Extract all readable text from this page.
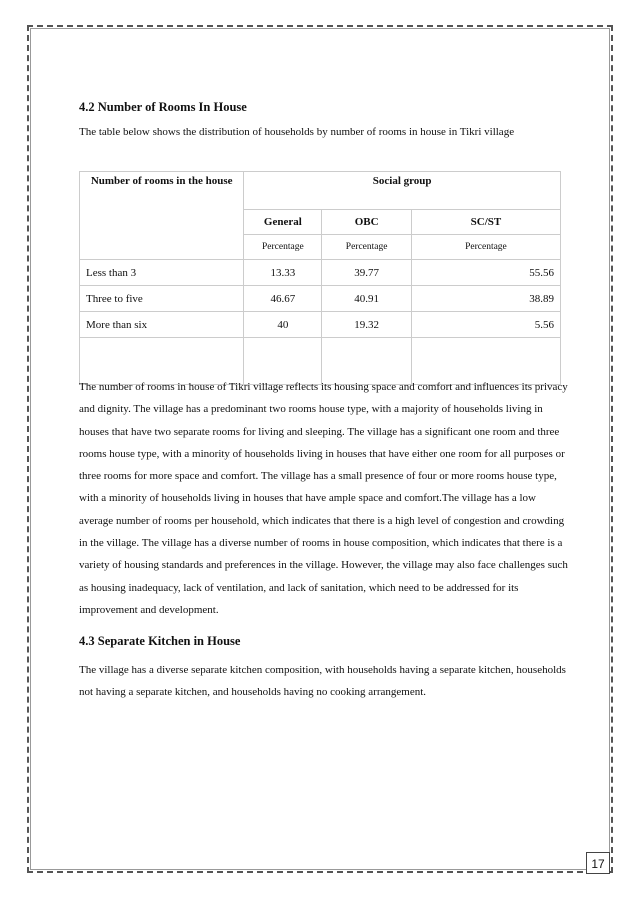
4.2 Number of Rooms In House

The table below shows the distribution of households by number of rooms in house in Tikri village

Number of rooms in the house	Social group		
	General	OBC	SC/ST
	Percentage	Percentage	Percentage
Less than 3	13.33	39.77	55.56
Three to five	46.67	40.91	38.89
More than six	40	19.32	5.56

The number of rooms in house of Tikri village reflects its housing space and comfort and influences its privacy and dignity. The village has a predominant two rooms house type, with a majority of households living in houses that have two separate rooms for living and sleeping. The village has a significant one room and three rooms house type, with a minority of households living in houses that have either one room for all purposes or three rooms for more space and comfort. The village has a small presence of four or more rooms house type, with a minority of households living in houses that have ample space and comfort.The village has a low average number of rooms per household, which indicates that there is a high level of congestion and crowding in the village. The village has a diverse number of rooms in house composition, which indicates that there is a variety of housing standards and preferences in the village. However, the village may also face challenges such as housing inadequacy, lack of ventilation, and lack of sanitation, which need to be addressed for its improvement and development.

4.3 Separate Kitchen in House

The village has a diverse separate kitchen composition, with households having a separate kitchen, households not having a separate kitchen, and households having no cooking arrangement.

17
